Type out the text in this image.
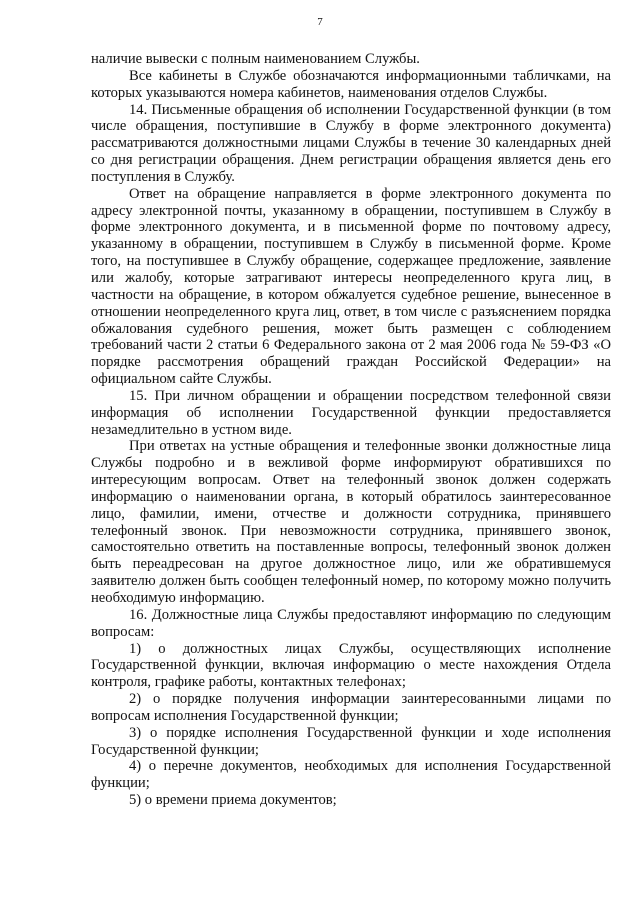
7

наличие вывески с полным наименованием Службы.

Все кабинеты в Службе обозначаются информационными табличками, на которых указываются номера кабинетов, наименования отделов Службы.

14. Письменные обращения об исполнении Государственной функции (в том числе обращения, поступившие в Службу в форме электронного документа) рассматриваются должностными лицами Службы в течение 30 календарных дней со дня регистрации обращения. Днем регистрации обращения является день его поступления в Службу.

Ответ на обращение направляется в форме электронного документа по адресу электронной почты, указанному в обращении, поступившем в Службу в форме электронного документа, и в письменной форме по почтовому адресу, указанному в обращении, поступившем в Службу в письменной форме. Кроме того, на поступившее в Службу обращение, содержащее предложение, заявление или жалобу, которые затрагивают интересы неопределенного круга лиц, в частности на обращение, в котором обжалуется судебное решение, вынесенное в отношении неопределенного круга лиц, ответ, в том числе с разъяснением порядка обжалования судебного решения, может быть размещен с соблюдением требований части 2 статьи 6 Федерального закона от 2 мая 2006 года № 59-ФЗ «О порядке рассмотрения обращений граждан Российской Федерации» на официальном сайте Службы.

15. При личном обращении и обращении посредством телефонной связи информация об исполнении Государственной функции предоставляется незамедлительно в устном виде.

При ответах на устные обращения и телефонные звонки должностные лица Службы подробно и в вежливой форме информируют обратившихся по интересующим вопросам. Ответ на телефонный звонок должен содержать информацию о наименовании органа, в который обратилось заинтересованное лицо, фамилии, имени, отчестве и должности сотрудника, принявшего телефонный звонок. При невозможности сотрудника, принявшего звонок, самостоятельно ответить на поставленные вопросы, телефонный звонок должен быть переадресован на другое должностное лицо, или же обратившемуся заявителю должен быть сообщен телефонный номер, по которому можно получить необходимую информацию.

16. Должностные лица Службы предоставляют информацию по следующим вопросам:

1) о должностных лицах Службы, осуществляющих исполнение Государственной функции, включая информацию о месте нахождения Отдела контроля, графике работы, контактных телефонах;

2) о порядке получения информации заинтересованными лицами по вопросам исполнения Государственной функции;

3) о порядке исполнения Государственной функции и ходе исполнения Государственной функции;

4) о перечне документов, необходимых для исполнения Государственной функции;

5) о времени приема документов;
